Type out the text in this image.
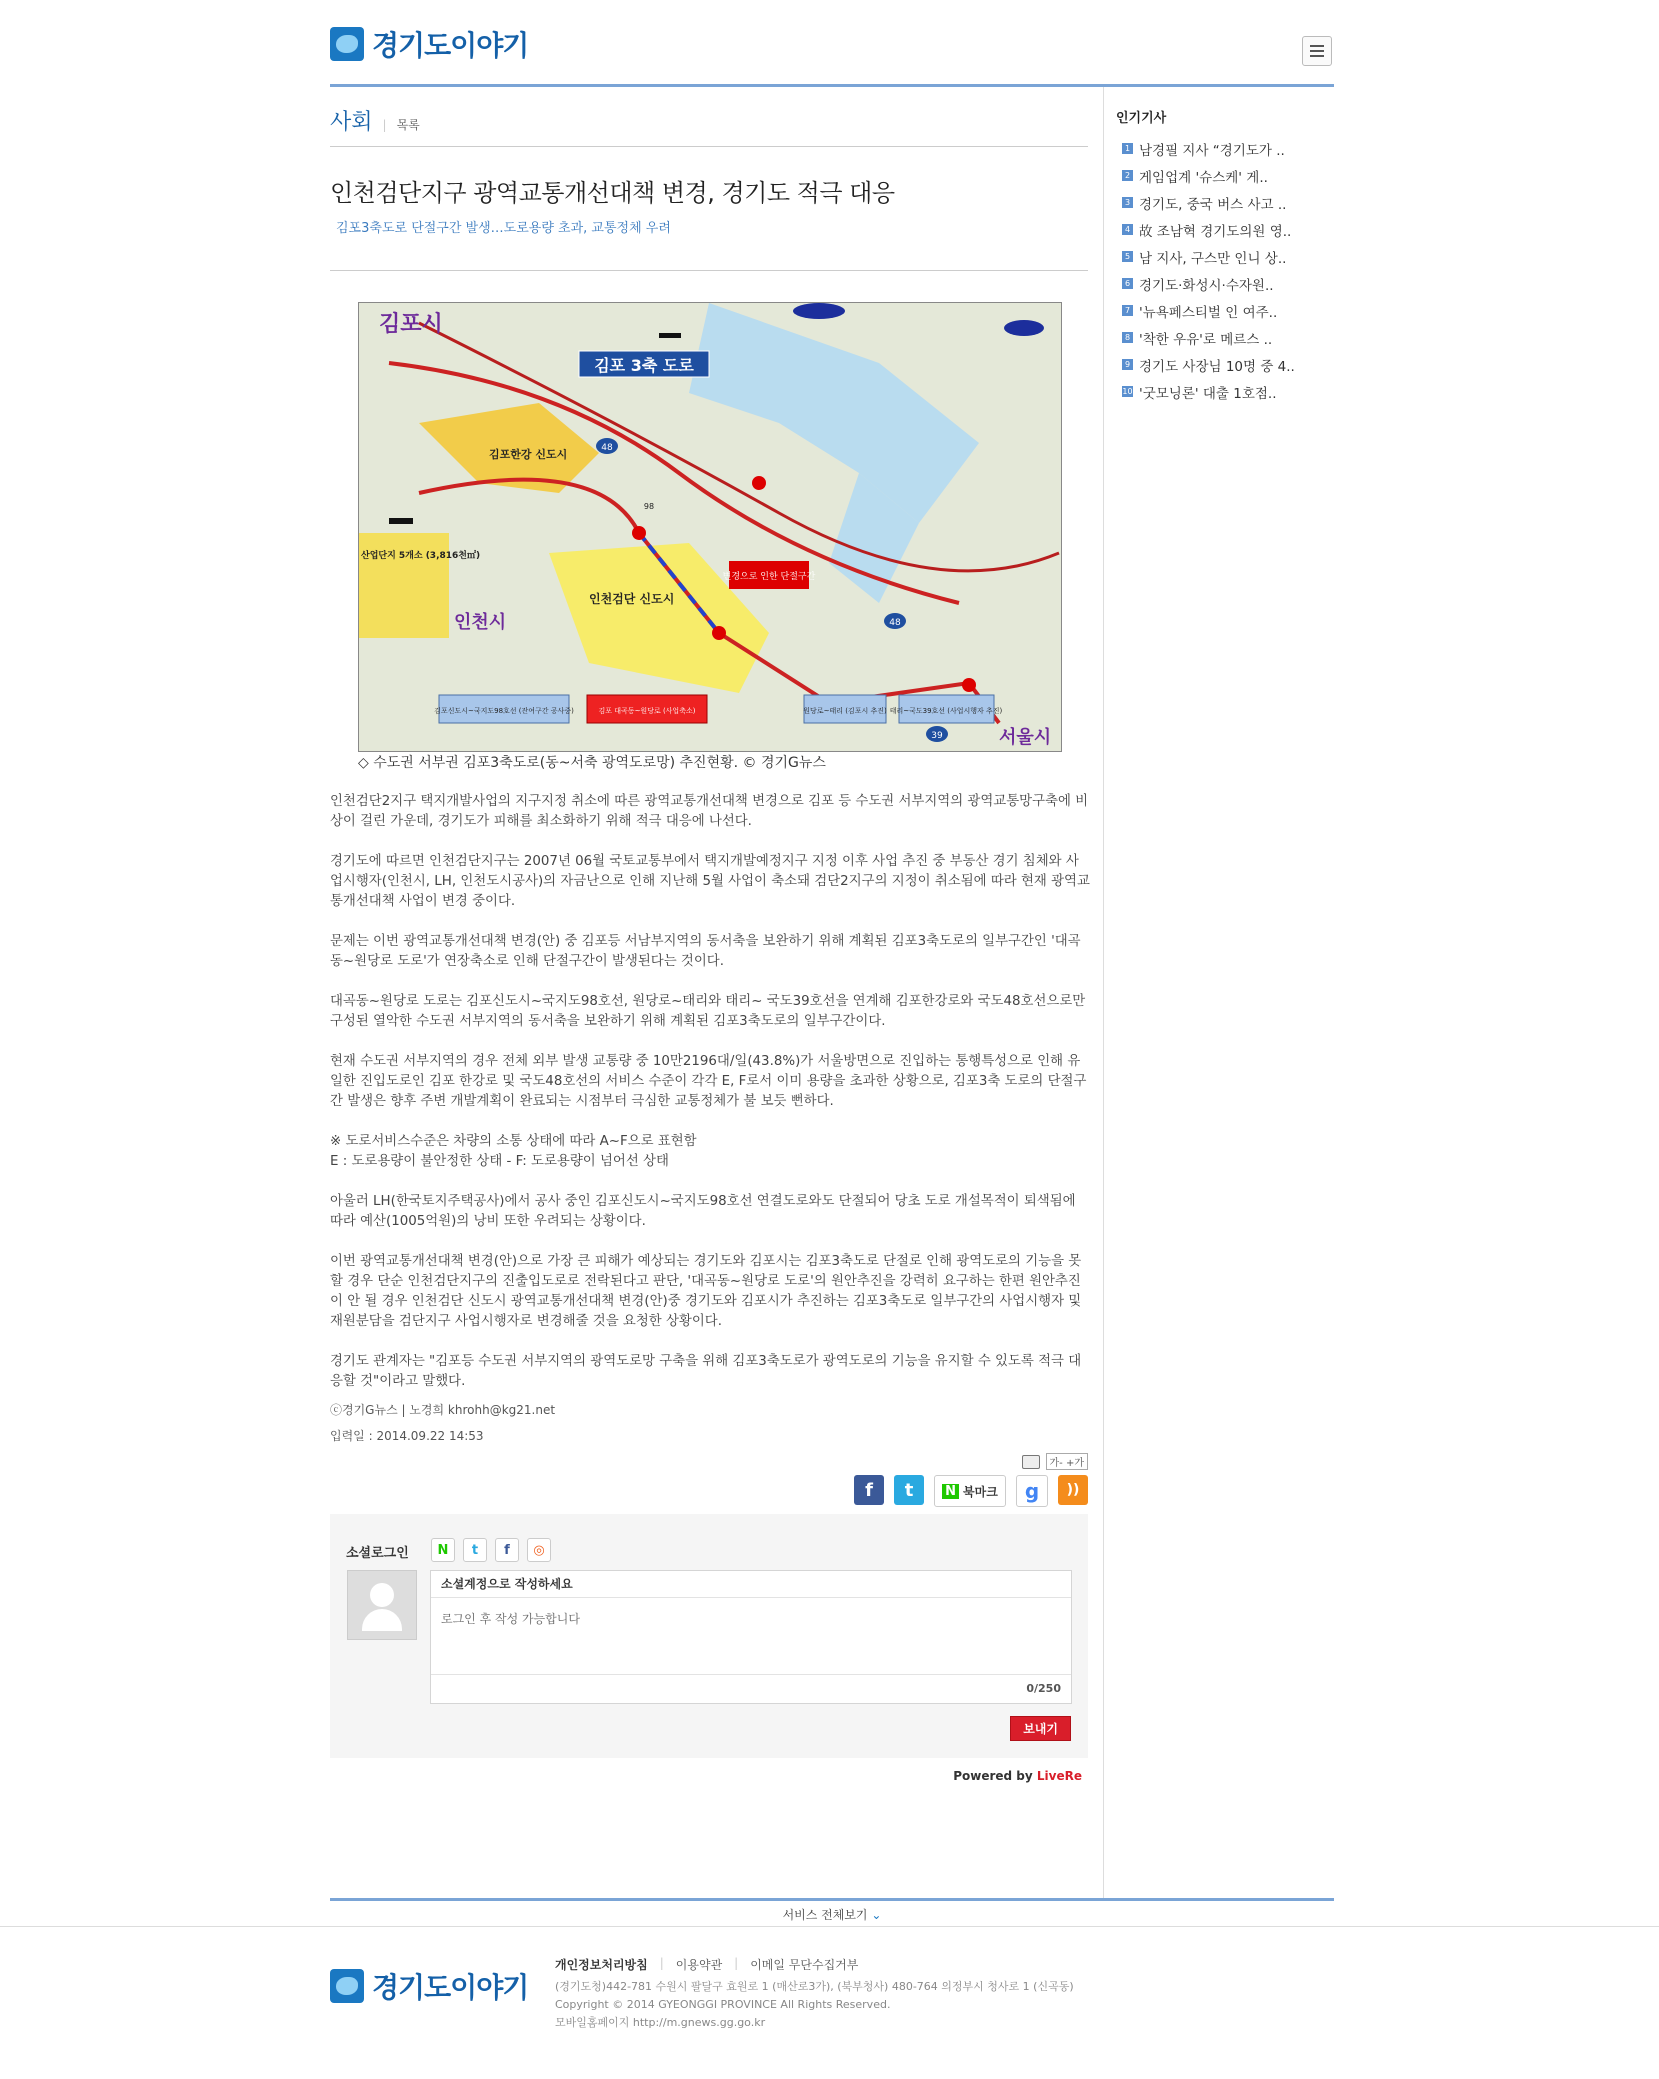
경기도이야기
사회 | 목록
인천검단지구 광역교통개선대책 변경, 경기도 적극 대응
김포3축도로 단절구간 발생…도로용량 초과, 교통정체 우려
김포 3축 도로
김포시
김포한강 신도시
산업단지 5개소 (3,816천㎡)
인천시
인천검단 신도시
변경으로 인한 단절구간
서울시
김포신도시~국지도98호선 (잔여구간 공사중)	김포 대곡동~원당로 (사업축소)	원당로~태리 (김포시 추진) 태리~국도39호선 (사업시행자 추진)
48
48
39
98
◇ 수도권 서부권 김포3축도로(동~서축 광역도로망) 추진현황. © 경기G뉴스

인천검단2지구 택지개발사업의 지구지정 취소에 따른 광역교통개선대책 변경으로 김포 등 수도권 서부지역의 광역교통망구축에 비상이 걸린 가운데, 경기도가 피해를 최소화하기 위해 적극 대응에 나선다.

경기도에 따르면 인천검단지구는 2007년 06월 국토교통부에서 택지개발예정지구 지정 이후 사업 추진 중 부동산 경기 침체와 사업시행자(인천시, LH, 인천도시공사)의 자금난으로 인해 지난해 5월 사업이 축소돼 검단2지구의 지정이 취소됨에 따라 현재 광역교통개선대책 사업이 변경 중이다.

문제는 이번 광역교통개선대책 변경(안) 중 김포등 서남부지역의 동서축을 보완하기 위해 계획된 김포3축도로의 일부구간인 '대곡동~원당로 도로'가 연장축소로 인해 단절구간이 발생된다는 것이다.

대곡동~원당로 도로는 김포신도시~국지도98호선, 원당로~태리와 태리~ 국도39호선을 연계해 김포한강로와 국도48호선으로만 구성된 열악한 수도권 서부지역의 동서축을 보완하기 위해 계획된 김포3축도로의 일부구간이다.

현재 수도권 서부지역의 경우 전체 외부 발생 교통량 중 10만2196대/일(43.8%)가 서울방면으로 진입하는 통행특성으로 인해 유일한 진입도로인 김포 한강로 및 국도48호선의 서비스 수준이 각각 E, F로서 이미 용량을 초과한 상황으로, 김포3축 도로의 단절구간 발생은 향후 주변 개발계획이 완료되는 시점부터 극심한 교통정체가 불 보듯 뻔하다.

※ 도로서비스수준은 차량의 소통 상태에 따라 A~F으로 표현함
E : 도로용량이 불안정한 상태 - F: 도로용량이 넘어선 상태

아울러 LH(한국토지주택공사)에서 공사 중인 김포신도시~국지도98호선 연결도로와도 단절되어 당초 도로 개설목적이 퇴색됨에 따라 예산(1005억원)의 낭비 또한 우려되는 상황이다.

이번 광역교통개선대책 변경(안)으로 가장 큰 피해가 예상되는 경기도와 김포시는 김포3축도로 단절로 인해 광역도로의 기능을 못 할 경우 단순 인천검단지구의 진출입도로로 전락된다고 판단, '대곡동~원당로 도로'의 원안추진을 강력히 요구하는 한편 원안추진이 안 될 경우 인천검단 신도시 광역교통개선대책 변경(안)중 경기도와 김포시가 추진하는 김포3축도로 일부구간의 사업시행자 및 재원분담을 검단지구 사업시행자로 변경해줄 것을 요청한 상황이다.

경기도 관계자는 "김포등 수도권 서부지역의 광역도로망 구축을 위해 김포3축도로가 광역도로의 기능을 유지할 수 있도록 적극 대응할 것"이라고 말했다.

ⓒ경기G뉴스 | 노경희 khrohh@kg21.net
입력일 : 2014.09.22 14:53
가- +가
f	t	N 북마크	g	))
소셜로그인	N	t	f	◎
소셜계정으로 작성하세요
로그인 후 작성 가능합니다
0/250
보내기
Powered by LiveRe
인기기사
1 남경필 지사 “경기도가 ..
2 게임업계 '슈스케' 게..
3 경기도, 중국 버스 사고 ..
4 故 조남혁 경기도의원 영..
5 남 지사, 구스만 인니 상..
6 경기도·화성시·수자원..
7 '뉴욕페스티벌 인 여주..
8 '착한 우유'로 메르스 ..
9 경기도 사장님 10명 중 4..
10 '굿모닝론' 대출 1호점..
서비스 전체보기 ⌄
경기도이야기
개인정보처리방침 | 이용약관 | 이메일 무단수집거부
(경기도청)442-781 수원시 팔달구 효원로 1 (매산로3가), (북부청사) 480-764 의정부시 청사로 1 (신곡동)
Copyright © 2014 GYEONGGI PROVINCE All Rights Reserved.
모바일홈페이지 http://m.gnews.gg.go.kr
